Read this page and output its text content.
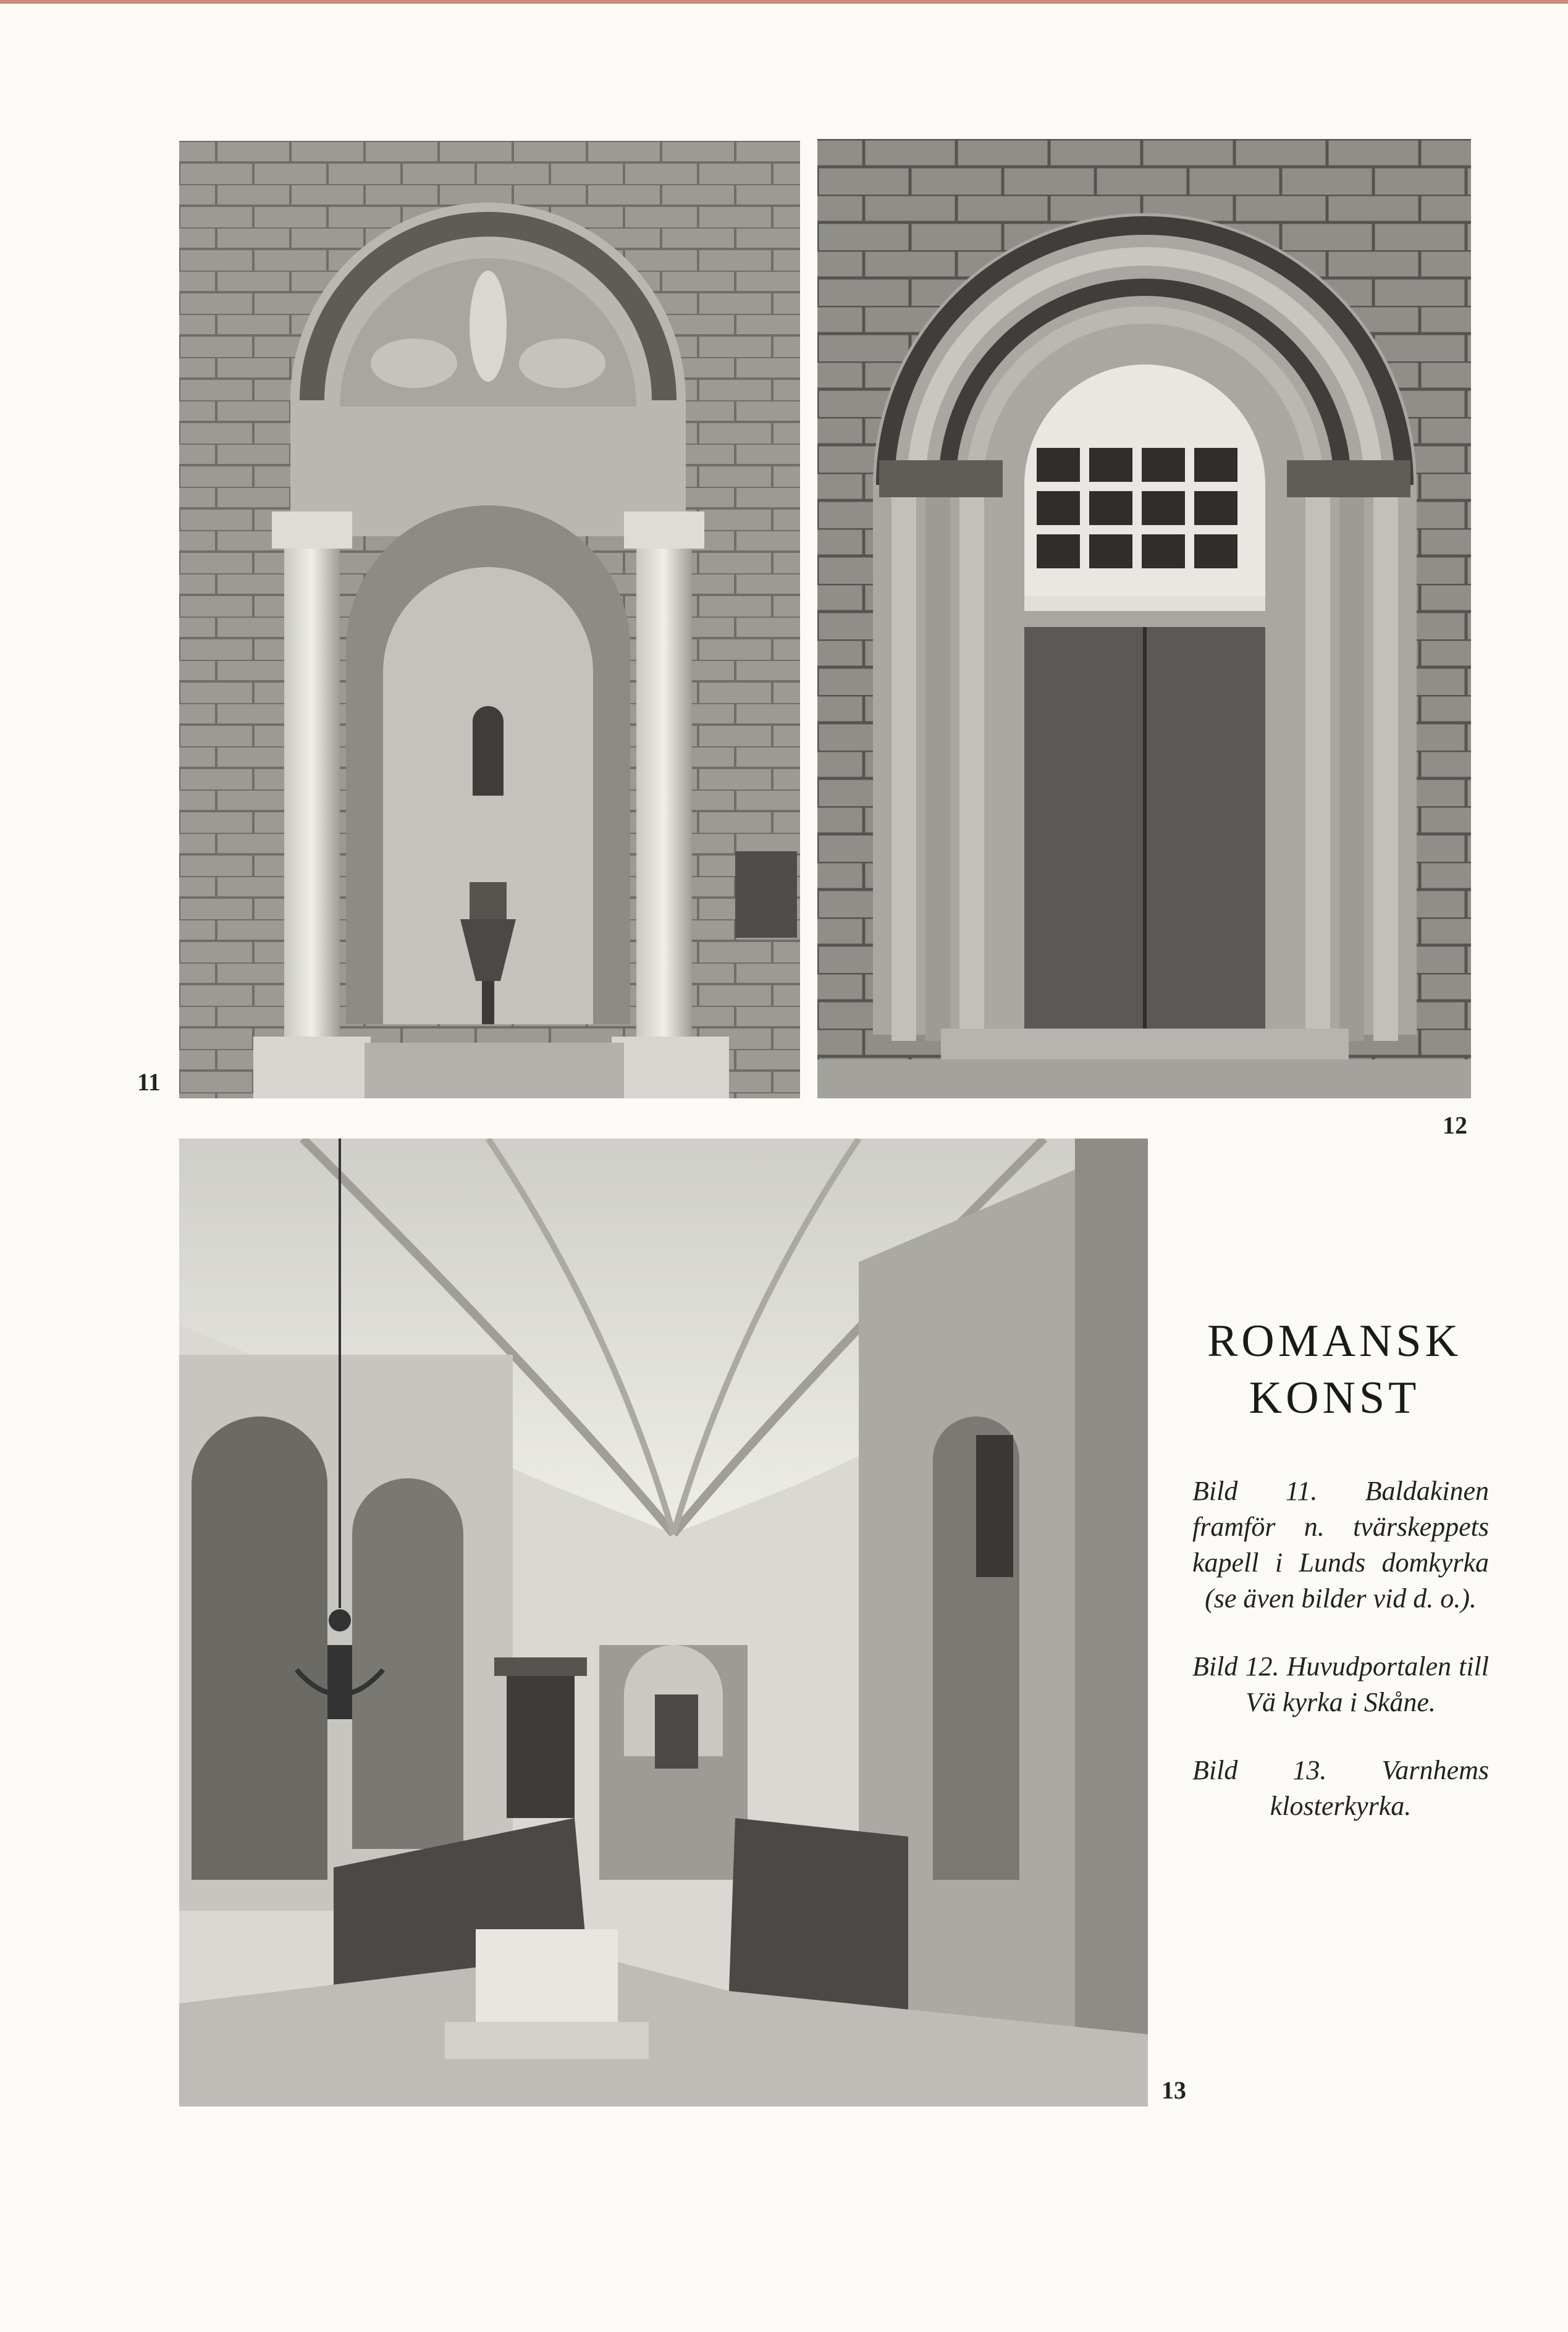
11
12
13
ROMANSK
KONST

Bild 11. Baldakinen framför n. tvärskeppets kapell i Lunds domkyrka (se även bilder vid d. o.).

Bild 12. Huvudportalen till Vä kyrka i Skåne.

Bild 13. Varnhems klosterkyrka.
